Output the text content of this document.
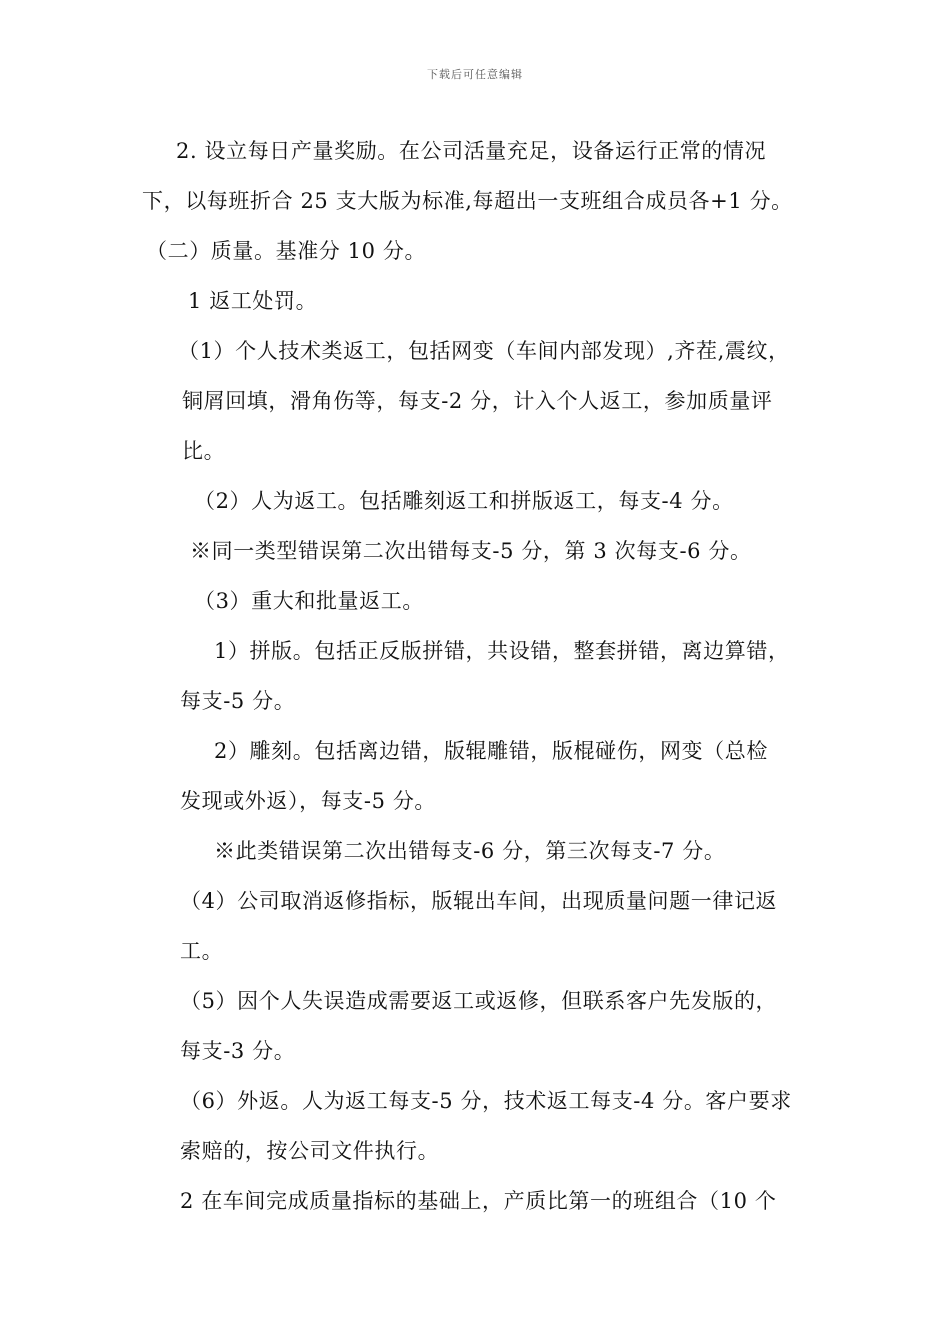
下载后可任意编辑
2. 设立每日产量奖励。在公司活量充足，设备运行正常的情况
下，以每班折合 25 支大版为标准,每超出一支班组合成员各+1 分。
（二）质量。基准分 10 分。
1 返工处罚。
（1）个人技术类返工，包括网变（车间内部发现）,齐茬,震纹，
铜屑回填，滑角伤等，每支-2 分，计入个人返工，参加质量评
比。
（2）人为返工。包括雕刻返工和拼版返工，每支-4 分。
※同一类型错误第二次出错每支-5 分，第 3 次每支-6 分。
（3）重大和批量返工。
1）拼版。包括正反版拼错，共设错，整套拼错，离边算错，
每支-5 分。
2）雕刻。包括离边错，版辊雕错，版棍碰伤，网变（总检
发现或外返），每支-5 分。
※此类错误第二次出错每支-6 分，第三次每支-7 分。
（4）公司取消返修指标，版辊出车间，出现质量问题一律记返
工。
（5）因个人失误造成需要返工或返修，但联系客户先发版的，
每支-3 分。
（6）外返。人为返工每支-5 分，技术返工每支-4 分。客户要求
索赔的，按公司文件执行。
2 在车间完成质量指标的基础上，产质比第一的班组合（10 个
